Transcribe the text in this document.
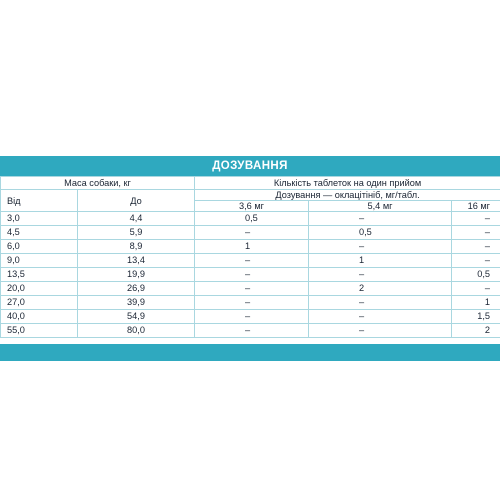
ДОЗУВАННЯ
Маса собаки, кг		Кількість таблеток на один прийом		
Від	До	Дозування — оклацітініб, мг/табл.		
		3,6 мг	5,4 мг	16 мг
3,0	4,4	0,5	–	–
4,5	5,9	–	0,5	–
6,0	8,9	1	–	–
9,0	13,4	–	1	–
13,5	19,9	–	–	0,5
20,0	26,9	–	2	–
27,0	39,9	–	–	1
40,0	54,9	–	–	1,5
55,0	80,0	–	–	2
